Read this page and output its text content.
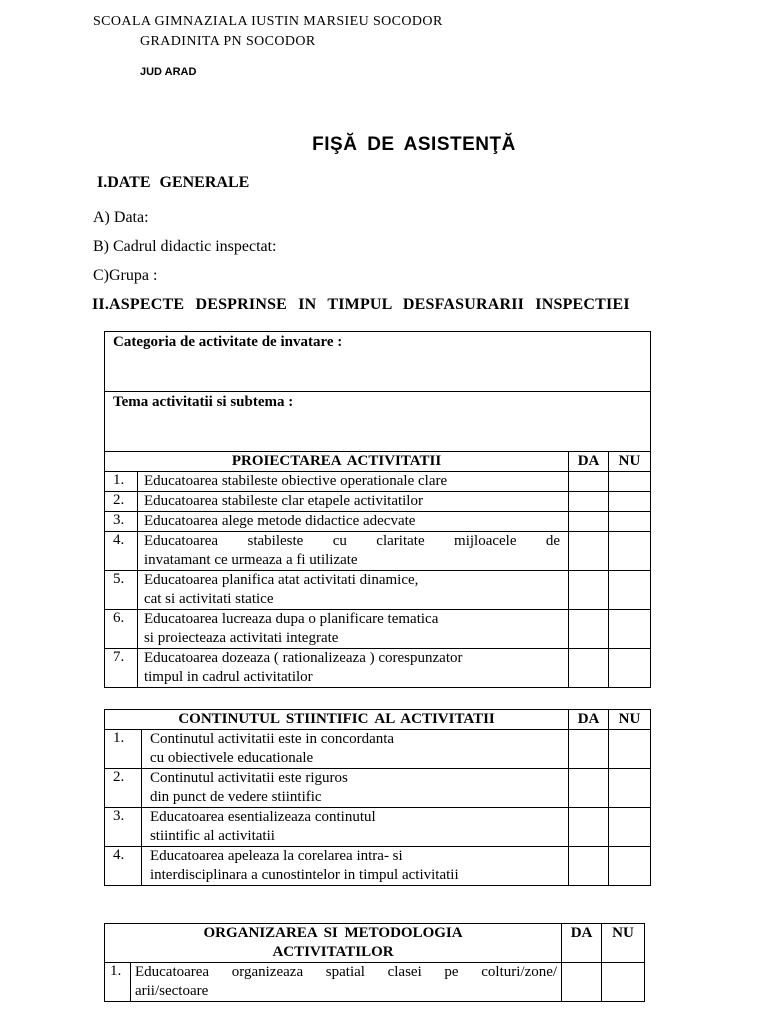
SCOALA GIMNAZIALA IUSTIN MARSIEU SOCODOR
GRADINITA PN SOCODOR
JUD ARAD
FIŞĂ DE ASISTENŢĂ
I.DATE GENERALE
A) Data:
B) Cadrul didactic inspectat:
C)Grupa :
II.ASPECTE DESPRINSE IN TIMPUL DESFASURARII INSPECTIEI
Categoria de activitate de invatare :			
Tema activitatii si subtema :			
PROIECTAREA ACTIVITATII		DA	NU
1.	Educatoarea stabileste obiective operationale clare		

2.	Educatoarea stabileste clar etapele activitatilor		

3.	Educatoarea alege metode didactice adecvate		

4.	Educatoarea stabileste cu claritate mijloacele de
invatamant ce urmeaza a fi utilizate		

5.	Educatoarea planifica atat activitati dinamice,
cat si activitati statice		

6.	Educatoarea lucreaza dupa o planificare tematica
si proiecteaza activitati integrate		

7.	Educatoarea dozeaza ( rationalizeaza ) corespunzator
timpul in cadrul activitatilor		

CONTINUTUL STIINTIFIC AL ACTIVITATII		DA	NU
1.	Continutul activitatii este in concordanta
cu obiectivele educationale		

2.	Continutul activitatii este riguros
din punct de vedere stiintific		

3.	Educatoarea esentializeaza continutul
stiintific al activitatii		

4.	Educatoarea apeleaza la corelarea intra- si
interdisciplinara a cunostintelor in timpul activitatii		

ORGANIZAREA SI METODOLOGIA
ACTIVITATILOR		DA	NU
1.	Educatoarea organizeaza spatial clasei pe colturi/zone/
arii/sectoare		
